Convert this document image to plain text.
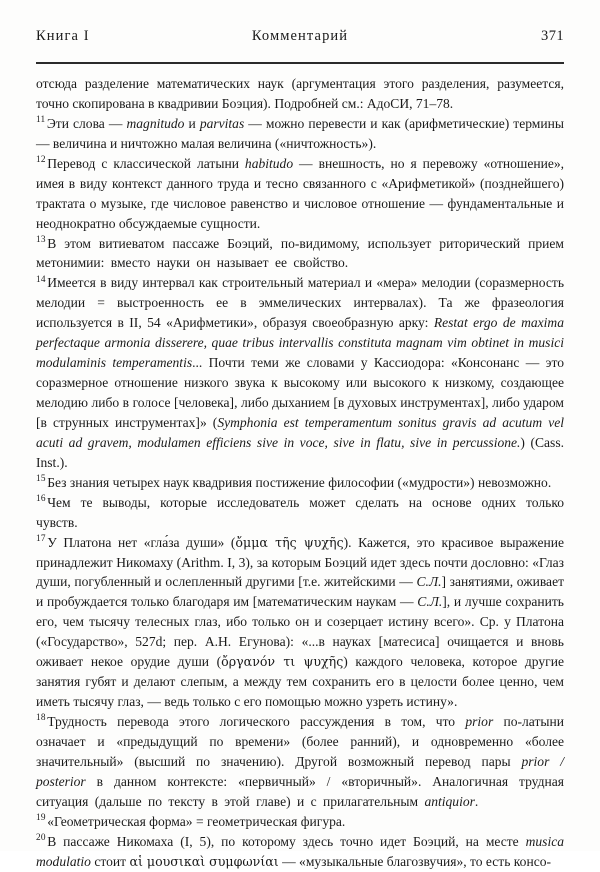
Книга I	Комментарий	371

отсюда разделение математических наук (аргументация этого разделения, разумеется, точно скопирована в квадривии Боэция). Подробней см.: АдоСИ, 71–78.

$^{11}$ Эти слова — magnitudo и parvitas — можно перевести и как (арифметические) термины — величина и ничтожно малая величина («ничтожность»).

$^{12}$ Перевод с классической латыни habitudo — внешность, но я перевожу «отношение», имея в виду контекст данного труда и тесно связанного с «Арифметикой» (позднейшего) трактата о музыке, где числовое равенство и числовое отношение — фундаментальные и неоднократно обсуждаемые сущности.

$^{13}$ В этом витиеватом пассаже Боэций, по-видимому, использует риторический прием метонимии: вместо науки он называет ее свойство.

$^{14}$ Имеется в виду интервал как строительный материал и «мера» мелодии (соразмерность мелодии = выстроенность ее в эммелических интервалах). Та же фразеология используется в II, 54 «Арифметики», образуя своеобразную арку: Restat ergo de maxima perfectaque armonia disserere, quae tribus intervallis constituta magnam vim obtinet in musici modulaminis temperamentis... Почти теми же словами у Кассиодора: «Консонанс — это соразмерное отношение низкого звука к высокому или высокого к низкому, создающее мелодию либо в голосе [человека], либо дыханием [в духовых инструментах], либо ударом [в струнных инструментах]» (Symphonia est temperamentum sonitus gravis ad acutum vel acuti ad gravem, modulamen efficiens sive in voce, sive in flatu, sive in percussione.) (Cass. Inst.).

$^{15}$ Без знания четырех наук квадривия постижение философии («мудрости») невозможно.

$^{16}$ Чем те выводы, которые исследователь может сделать на основе одних только чувств.

$^{17}$ У Платона нет «гла́за души» (ὄμμα τῆς ψυχῆς). Кажется, это красивое выражение принадлежит Никомаху (Arithm. I, 3), за которым Боэций идет здесь почти дословно: «Глаз души, погубленный и ослепленный другими [т.е. житейскими — С.Л.] занятиями, оживает и пробуждается только благодаря им [математическим наукам — С.Л.], и лучше сохранить его, чем тысячу телесных глаз, ибо только он и созерцает истину всего». Ср. у Платона («Государство», 527d; пер. А.Н. Егунова): «...в науках [матесиса] очищается и вновь оживает некое орудие души (ὄργανόν τι ψυχῆς) каждого человека, которое другие занятия губят и делают слепым, а между тем сохранить его в целости более ценно, чем иметь тысячу глаз, — ведь только с его помощью можно узреть истину».

$^{18}$ Трудность перевода этого логического рассуждения в том, что prior по-латыни означает и «предыдущий по времени» (более ранний), и одновременно «более значительный» (высший по значению). Другой возможный перевод пары prior / posterior в данном контексте: «первичный» / «вторичный». Аналогичная трудная ситуация (дальше по тексту в этой главе) и с прилагательным antiquior.

$^{19}$ «Геометрическая форма» = геометрическая фигура.

$^{20}$ В пассаже Никомаха (I, 5), по которому здесь точно идет Боэций, на месте musica modulatio стоит αἱ μουσικαὶ συμφωνίαι — «музыкальные благозвучия», то есть консо-
